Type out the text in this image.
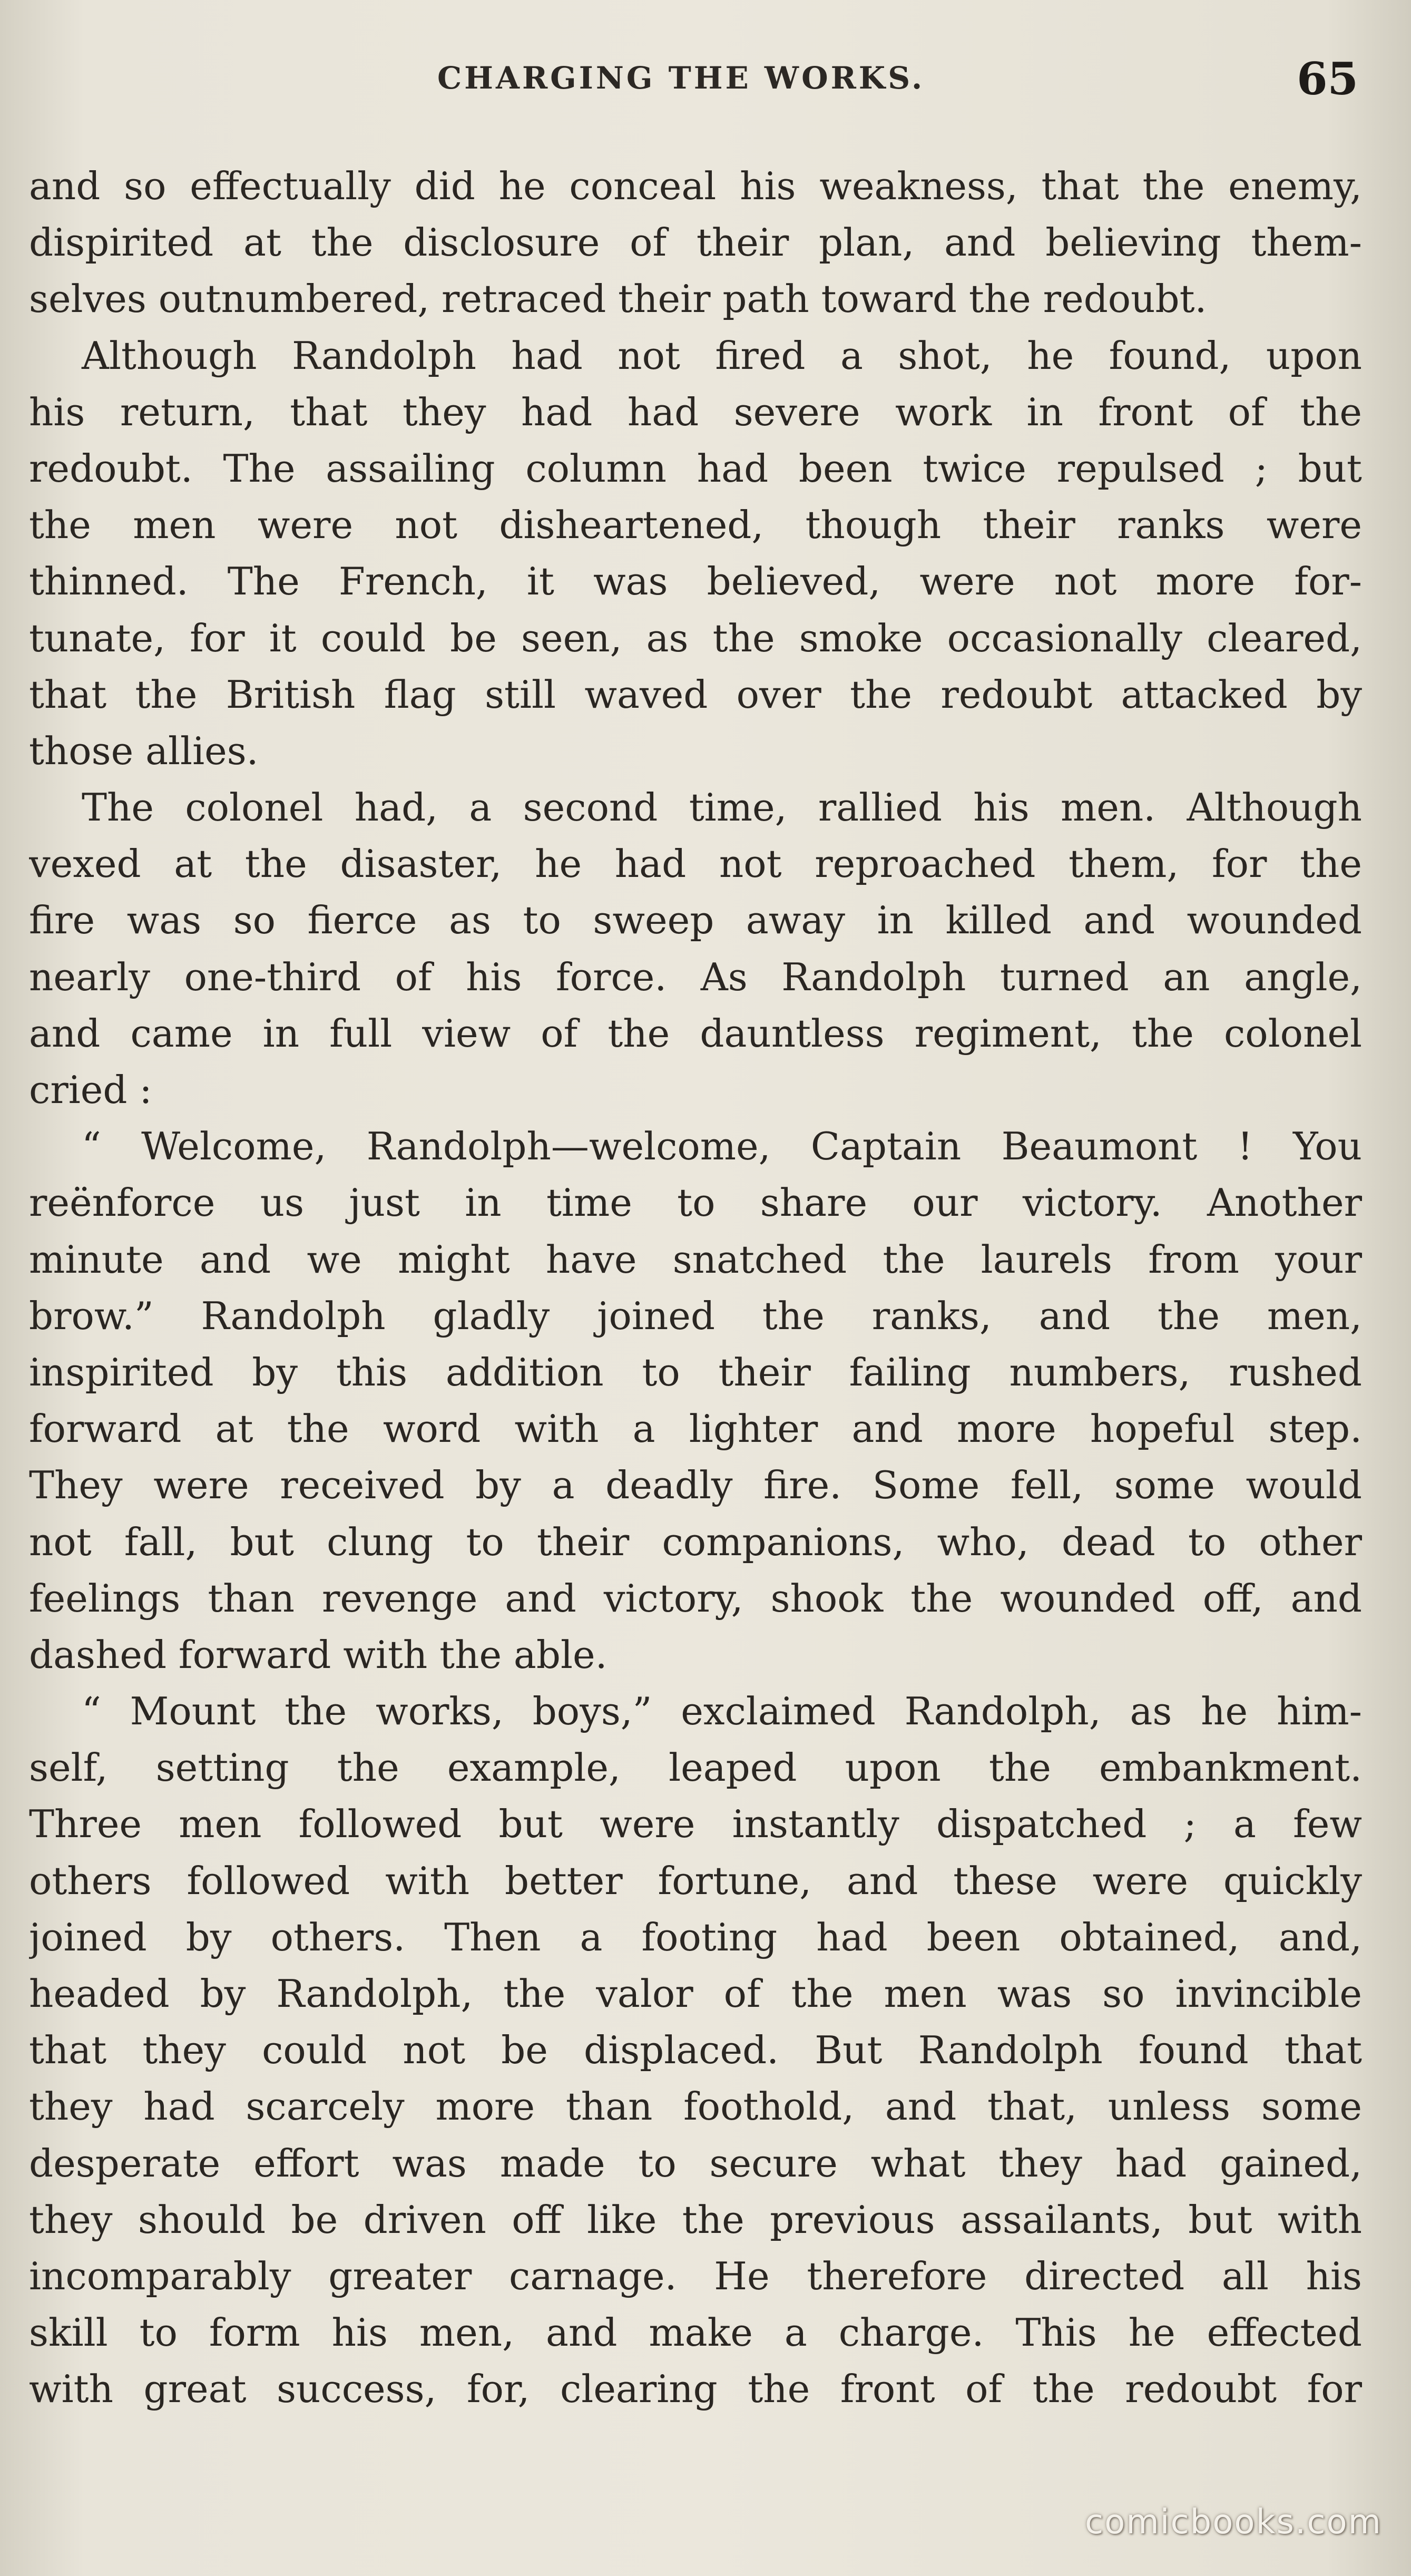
CHARGING THE WORKS.	65
and so effectually did he conceal his weakness, that the enemy,
dispirited at the disclosure of their plan, and believing them-
selves outnumbered, retraced their path toward the redoubt.
Although Randolph had not fired a shot, he found, upon
his return, that they had had severe work in front of the
redoubt. The assailing column had been twice repulsed ; but
the men were not disheartened, though their ranks were
thinned. The French, it was believed, were not more for-
tunate, for it could be seen, as the smoke occasionally cleared,
that the British flag still waved over the redoubt attacked by
those allies.
The colonel had, a second time, rallied his men. Although
vexed at the disaster, he had not reproached them, for the
fire was so fierce as to sweep away in killed and wounded
nearly one-third of his force. As Randolph turned an angle,
and came in full view of the dauntless regiment, the colonel
cried :
“ Welcome, Randolph—welcome, Captain Beaumont ! You
reënforce us just in time to share our victory. Another
minute and we might have snatched the laurels from your
brow.” Randolph gladly joined the ranks, and the men,
inspirited by this addition to their failing numbers, rushed
forward at the word with a lighter and more hopeful step.
They were received by a deadly fire. Some fell, some would
not fall, but clung to their companions, who, dead to other
feelings than revenge and victory, shook the wounded off, and
dashed forward with the able.
“ Mount the works, boys,” exclaimed Randolph, as he him-
self, setting the example, leaped upon the embankment.
Three men followed but were instantly dispatched ; a few
others followed with better fortune, and these were quickly
joined by others. Then a footing had been obtained, and,
headed by Randolph, the valor of the men was so invincible
that they could not be displaced. But Randolph found that
they had scarcely more than foothold, and that, unless some
desperate effort was made to secure what they had gained,
they should be driven off like the previous assailants, but with
incomparably greater carnage. He therefore directed all his
skill to form his men, and make a charge. This he effected
with great success, for, clearing the front of the redoubt for
comicbooks.com
